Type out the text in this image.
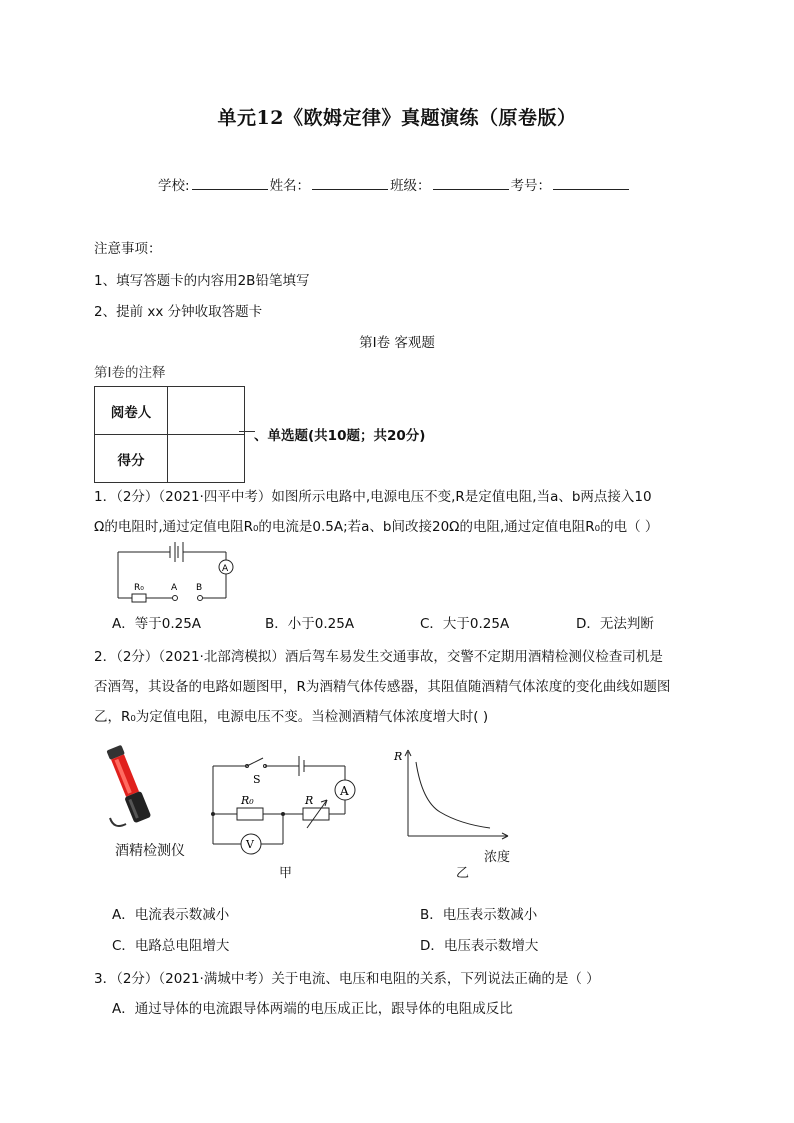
单元12《欧姆定律》真题演练（原卷版）
学校:	姓名：	班级：	考号：
注意事项：
1、填写答题卡的内容用2B铅笔填写
2、提前 xx 分钟收取答题卡
第Ⅰ卷 客观题
第Ⅰ卷的注释
阅卷人	
得分	
、单选题(共10题；共20分)
1．（2分）（2021·四平中考）如图所示电路中,电源电压不变,R是定值电阻,当a、b两点接入10
Ω的电阻时,通过定值电阻R₀的电流是0.5A;若a、b间改接20Ω的电阻,通过定值电阻R₀的电（ ）
A
R₀	A B
A．等于0.25A	B．小于0.25A	C．大于0.25A	D．无法判断
2．（2分）（2021·北部湾模拟）酒后驾车易发生交通事故，交警不定期用酒精检测仪检查司机是
否酒驾，其设备的电路如题图甲，R为酒精气体传感器，其阻值随酒精气体浓度的变化曲线如题图
乙，R₀为定值电阻，电源电压不变。当检测酒精气体浓度增大时( )
酒精检测仪
S
R₀	R
A
V
甲
R
浓度
乙
A．电流表示数减小	B．电压表示数减小
C．电路总电阻增大	D．电压表示数增大
3．（2分）（2021·满城中考）关于电流、电压和电阻的关系，下列说法正确的是（ ）
A．通过导体的电流跟导体两端的电压成正比，跟导体的电阻成反比
